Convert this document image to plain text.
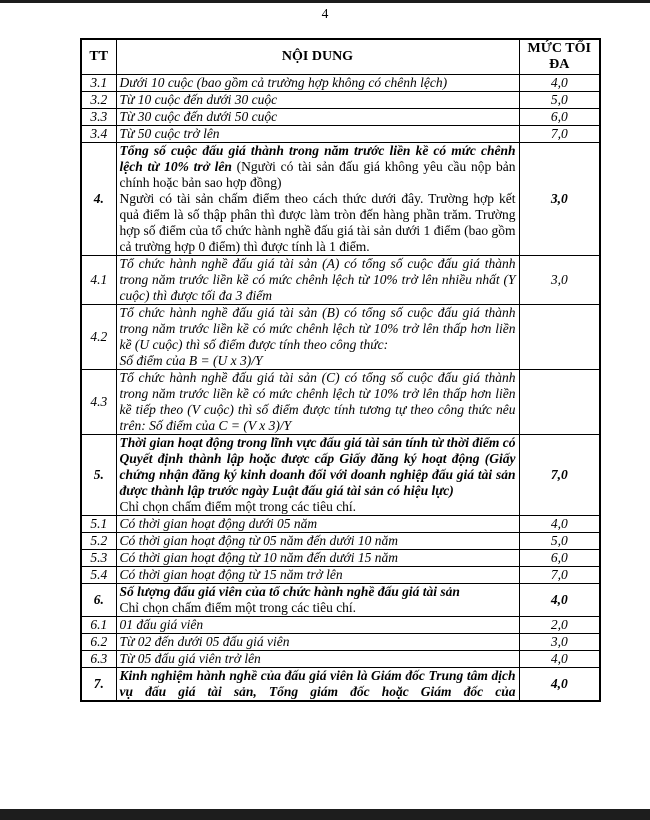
4
TT	NỘI DUNG	MỨC TỐI ĐA
3.1	Dưới 10 cuộc (bao gồm cả trường hợp không có chênh lệch)	4,0
3.2	Từ 10 cuộc đến dưới 30 cuộc	5,0
3.3	Từ 30 cuộc đến dưới 50 cuộc	6,0
3.4	Từ 50 cuộc trở lên	7,0
4.	Tổng số cuộc đấu giá thành trong năm trước liền kề có mức chênh lệch từ 10% trở lên (Người có tài sản đấu giá không yêu cầu nộp bản chính hoặc bản sao hợp đồng)
Người có tài sản chấm điểm theo cách thức dưới đây. Trường hợp kết quả điểm là số thập phân thì được làm tròn đến hàng phần trăm. Trường hợp số điểm của tổ chức hành nghề đấu giá tài sản dưới 1 điểm (bao gồm cả trường hợp 0 điểm) thì được tính là 1 điểm.	3,0
4.1	Tổ chức hành nghề đấu giá tài sản (A) có tổng số cuộc đấu giá thành trong năm trước liền kề có mức chênh lệch từ 10% trở lên nhiều nhất (Y cuộc) thì được tối đa 3 điểm	3,0
4.2	Tổ chức hành nghề đấu giá tài sản (B) có tổng số cuộc đấu giá thành trong năm trước liền kề có mức chênh lệch từ 10% trở lên thấp hơn liền kề (U cuộc) thì số điểm được tính theo công thức:
Số điểm của B = (U x 3)/Y	

4.3	Tổ chức hành nghề đấu giá tài sản (C) có tổng số cuộc đấu giá thành trong năm trước liền kề có mức chênh lệch từ 10% trở lên thấp hơn liền kề tiếp theo (V cuộc) thì số điểm được tính tương tự theo công thức nêu trên: Số điểm của C = (V x 3)/Y	

5.	Thời gian hoạt động trong lĩnh vực đấu giá tài sản tính từ thời điểm có Quyết định thành lập hoặc được cấp Giấy đăng ký hoạt động (Giấy chứng nhận đăng ký kinh doanh đối với doanh nghiệp đấu giá tài sản được thành lập trước ngày Luật đấu giá tài sản có hiệu lực)
Chỉ chọn chấm điểm một trong các tiêu chí.	7,0
5.1	Có thời gian hoạt động dưới 05 năm	4,0
5.2	Có thời gian hoạt động từ 05 năm đến dưới 10 năm	5,0
5.3	Có thời gian hoạt động từ 10 năm đến dưới 15 năm	6,0
5.4	Có thời gian hoạt động từ 15 năm trở lên	7,0
6.	Số lượng đấu giá viên của tổ chức hành nghề đấu giá tài sản
Chỉ chọn chấm điểm một trong các tiêu chí.	4,0
6.1	01 đấu giá viên	2,0
6.2	Từ 02 đến dưới 05 đấu giá viên	3,0
6.3	Từ 05 đấu giá viên trở lên	4,0
7.	Kinh nghiệm hành nghề của đấu giá viên là Giám đốc Trung tâm dịch vụ đấu giá tài sản, Tổng giám đốc hoặc Giám đốc của	4,0
